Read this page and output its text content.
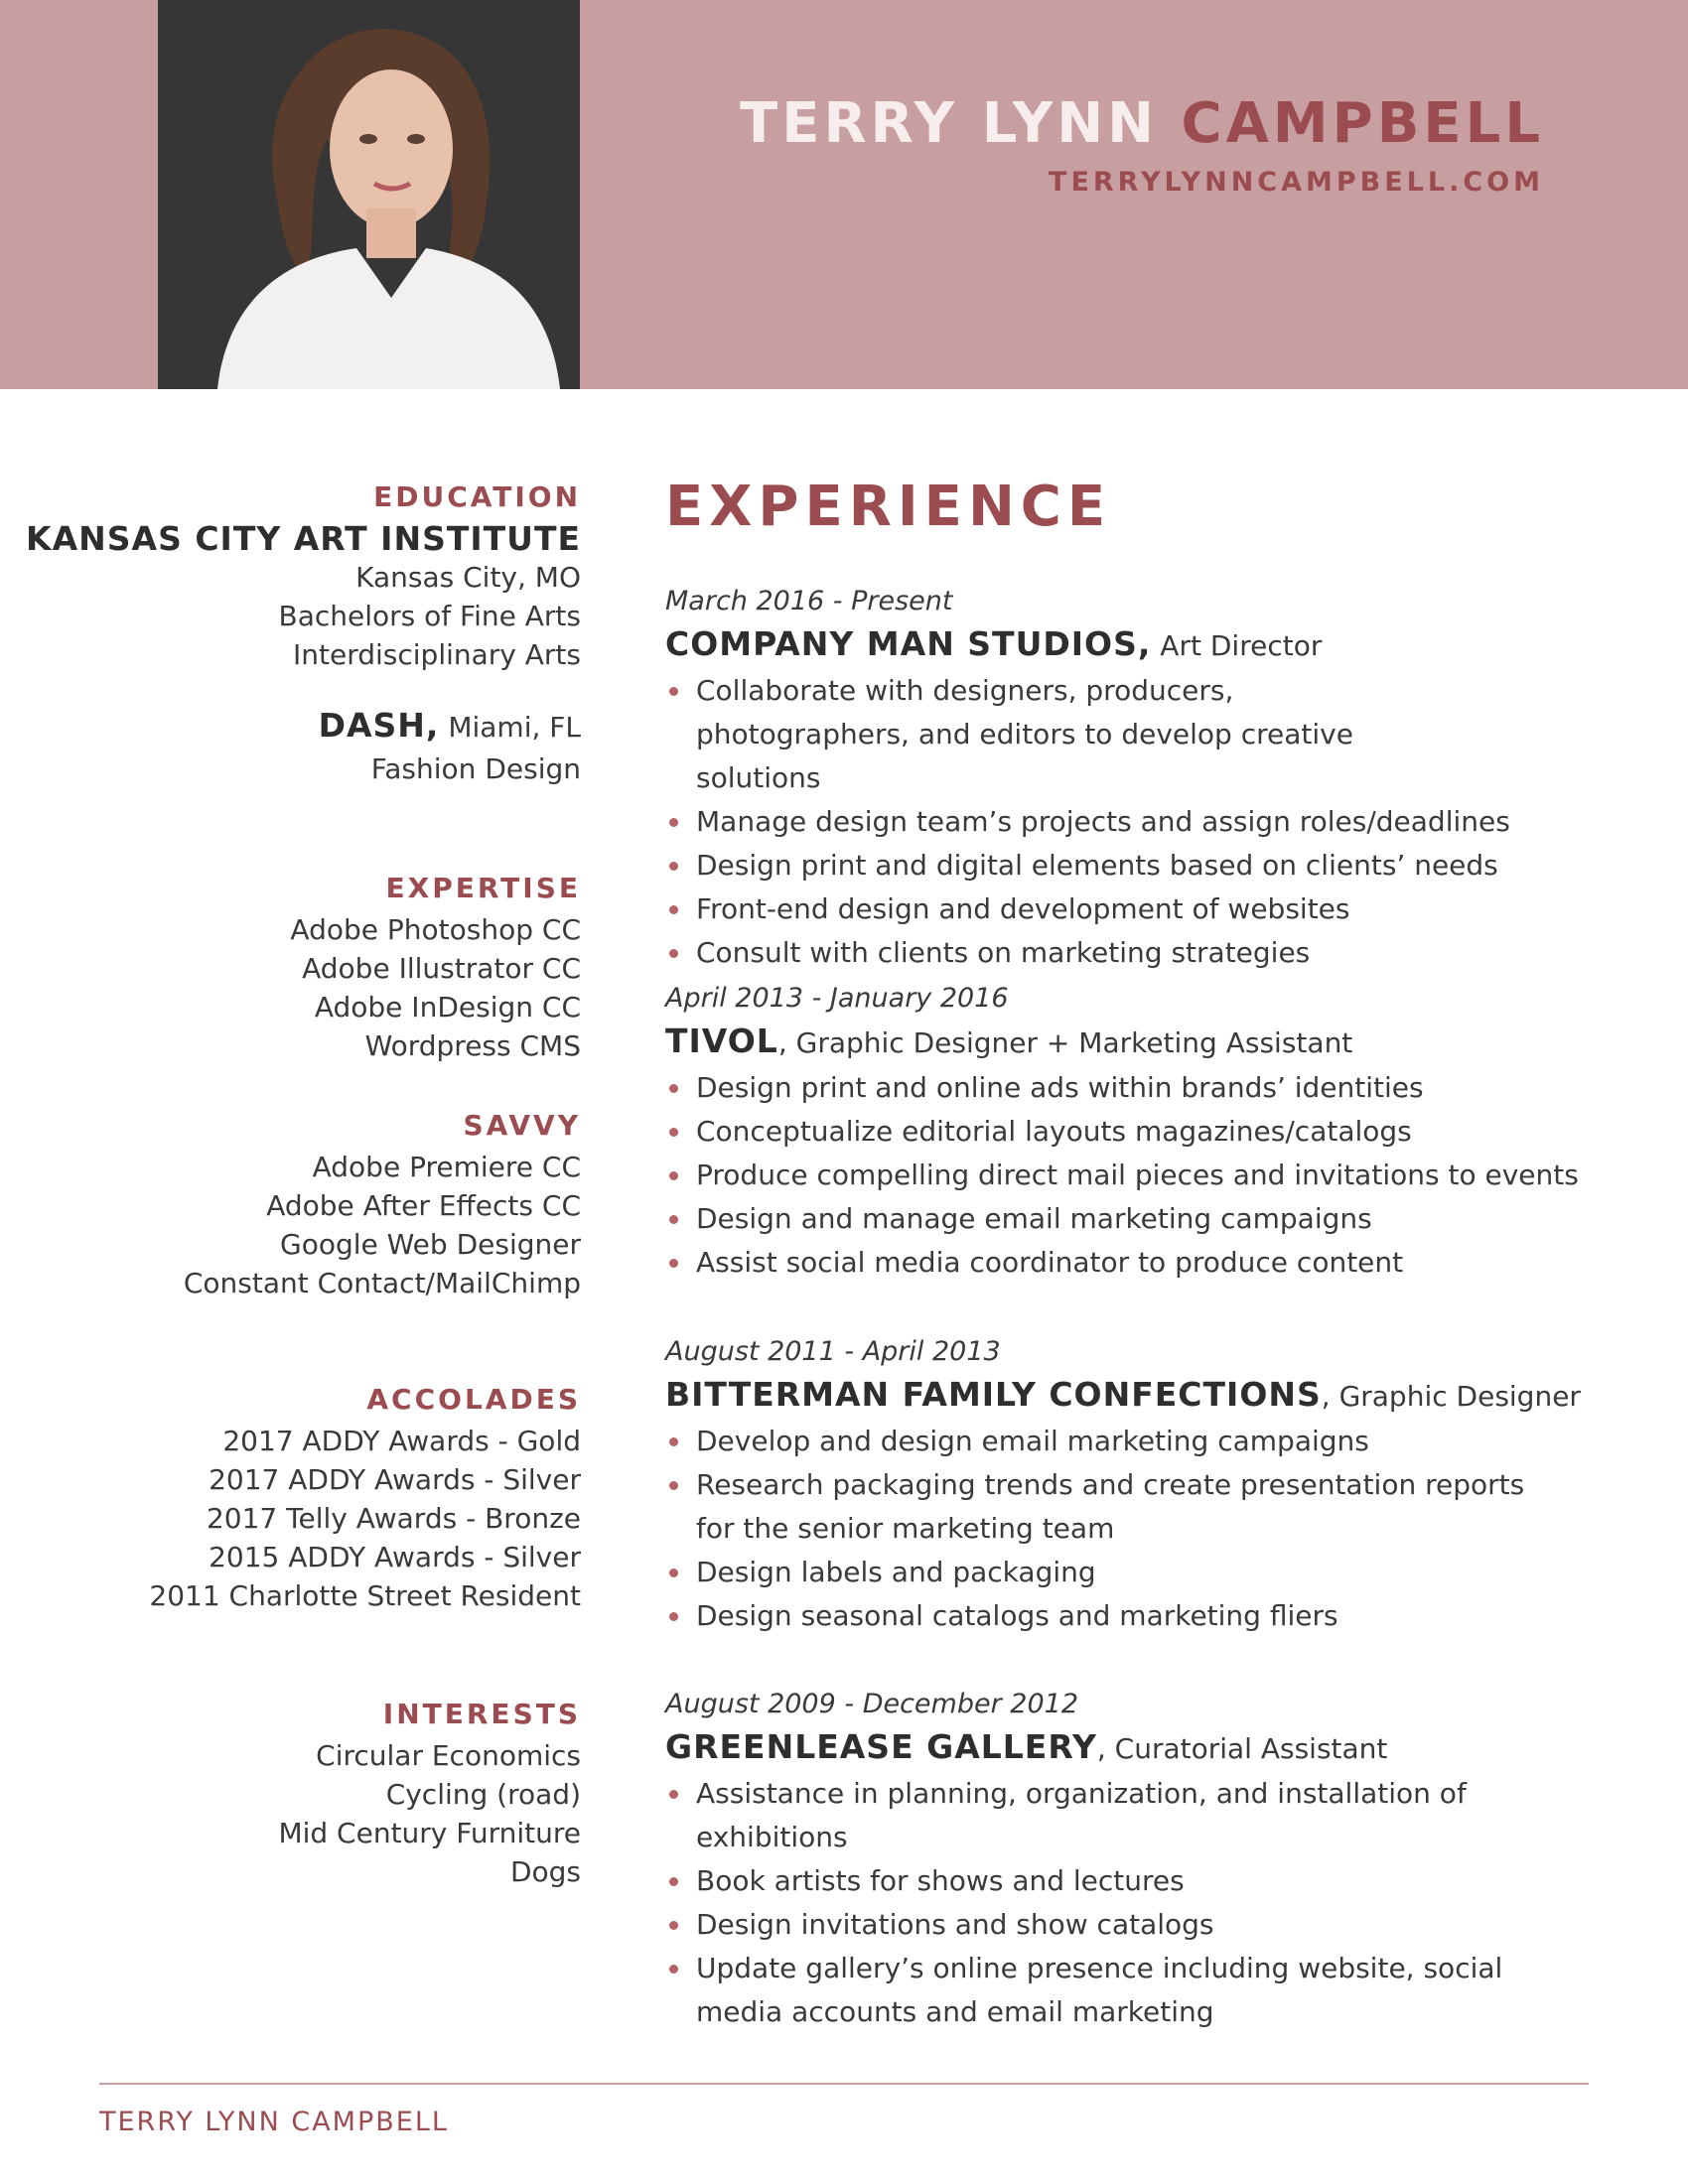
TERRY LYNN CAMPBELL
TERRYLYNNCAMPBELL.COM
EDUCATION
KANSAS CITY ART INSTITUTE
Kansas City, MO
Bachelors of Fine Arts
Interdisciplinary Arts
DASH, Miami, FL
Fashion Design
EXPERTISE
Adobe Photoshop CC
Adobe Illustrator CC
Adobe InDesign CC
Wordpress CMS
SAVVY
Adobe Premiere CC
Adobe After Effects CC
Google Web Designer
Constant Contact/MailChimp
ACCOLADES
2017 ADDY Awards - Gold
2017 ADDY Awards - Silver
2017 Telly Awards - Bronze
2015 ADDY Awards - Silver
2011 Charlotte Street Resident
INTERESTS
Circular Economics
Cycling (road)
Mid Century Furniture
Dogs
EXPERIENCE
March 2016 - Present
COMPANY MAN STUDIOS, Art Director
Collaborate with designers, producers, photographers, and editors to develop creative solutions
Manage design team’s projects and assign roles/deadlines
Design print and digital elements based on clients’ needs
Front-end design and development of websites
Consult with clients on marketing strategies
April 2013 - January 2016
TIVOL, Graphic Designer + Marketing Assistant
Design print and online ads within brands’ identities
Conceptualize editorial layouts magazines/catalogs
Produce compelling direct mail pieces and invitations to events
Design and manage email marketing campaigns
Assist social media coordinator to produce content
August 2011 - April 2013
BITTERMAN FAMILY CONFECTIONS, Graphic Designer
Develop and design email marketing campaigns
Research packaging trends and create presentation reports for the senior marketing team
Design labels and packaging
Design seasonal catalogs and marketing fliers
August 2009 - December 2012
GREENLEASE GALLERY, Curatorial Assistant
Assistance in planning, organization, and installation of exhibitions
Book artists for shows and lectures
Design invitations and show catalogs
Update gallery’s online presence including website, social media accounts and email marketing
TERRY LYNN CAMPBELL
